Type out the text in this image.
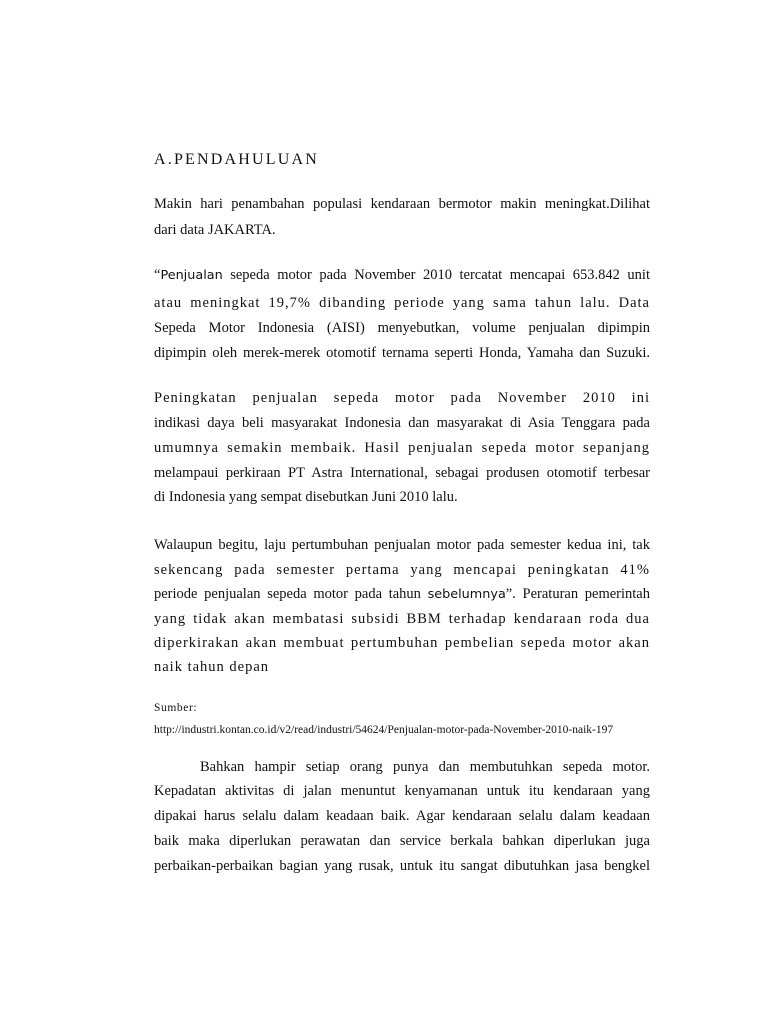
A.PENDAHULUAN
Makin hari penambahan populasi kendaraan bermotor makin meningkat.Dilihat
dari data JAKARTA.
“Penjualan sepeda motor pada November 2010 tercatat mencapai 653.842 unit
atau meningkat 19,7% dibanding periode yang sama tahun lalu. Data
Sepeda Motor Indonesia (AISI) menyebutkan, volume penjualan dipimpin
dipimpin oleh merek-merek otomotif ternama seperti Honda, Yamaha dan Suzuki.
Peningkatan penjualan sepeda motor pada November 2010 ini
indikasi daya beli masyarakat Indonesia dan masyarakat di Asia Tenggara pada
umumnya semakin membaik. Hasil penjualan sepeda motor sepanjang
melampaui perkiraan PT Astra International, sebagai produsen otomotif terbesar
di Indonesia yang sempat disebutkan Juni 2010 lalu.
Walaupun begitu, laju pertumbuhan penjualan motor pada semester kedua ini, tak
sekencang pada semester pertama yang mencapai peningkatan 41%
periode penjualan sepeda motor pada tahun sebelumnya”. Peraturan pemerintah
yang tidak akan membatasi subsidi BBM terhadap kendaraan roda dua
diperkirakan akan membuat pertumbuhan pembelian sepeda motor akan
naik tahun depan
Sumber:
http://industri.kontan.co.id/v2/read/industri/54624/Penjualan-motor-pada-November-2010-naik-197
Bahkan hampir setiap orang punya dan membutuhkan sepeda motor.
Kepadatan aktivitas di jalan menuntut kenyamanan untuk itu kendaraan yang
dipakai harus selalu dalam keadaan baik. Agar kendaraan selalu dalam keadaan
baik maka diperlukan perawatan dan service berkala bahkan diperlukan juga
perbaikan-perbaikan bagian yang rusak, untuk itu sangat dibutuhkan jasa bengkel
